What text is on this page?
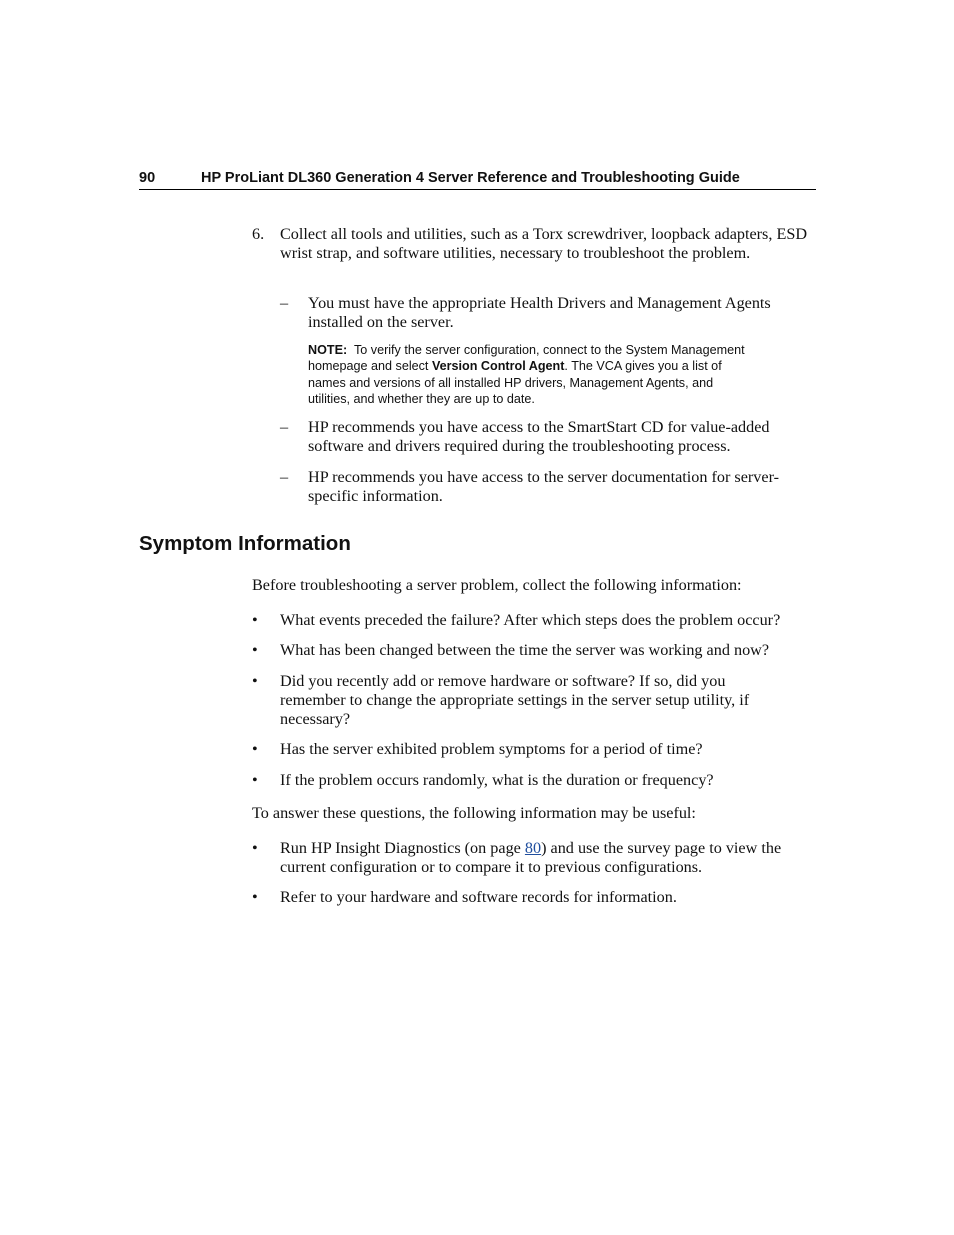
90	HP ProLiant DL360 Generation 4 Server Reference and Troubleshooting Guide
6. Collect all tools and utilities, such as a Torx screwdriver, loopback adapters, ESD wrist strap, and software utilities, necessary to troubleshoot the problem.
– You must have the appropriate Health Drivers and Management Agents installed on the server.
NOTE: To verify the server configuration, connect to the System Management homepage and select Version Control Agent. The VCA gives you a list of names and versions of all installed HP drivers, Management Agents, and utilities, and whether they are up to date.
– HP recommends you have access to the SmartStart CD for value-added software and drivers required during the troubleshooting process.
– HP recommends you have access to the server documentation for server-specific information.
Symptom Information
Before troubleshooting a server problem, collect the following information:
• What events preceded the failure? After which steps does the problem occur?
• What has been changed between the time the server was working and now?
• Did you recently add or remove hardware or software? If so, did you remember to change the appropriate settings in the server setup utility, if necessary?
• Has the server exhibited problem symptoms for a period of time?
• If the problem occurs randomly, what is the duration or frequency?
To answer these questions, the following information may be useful:
• Run HP Insight Diagnostics (on page 80) and use the survey page to view the current configuration or to compare it to previous configurations.
• Refer to your hardware and software records for information.
